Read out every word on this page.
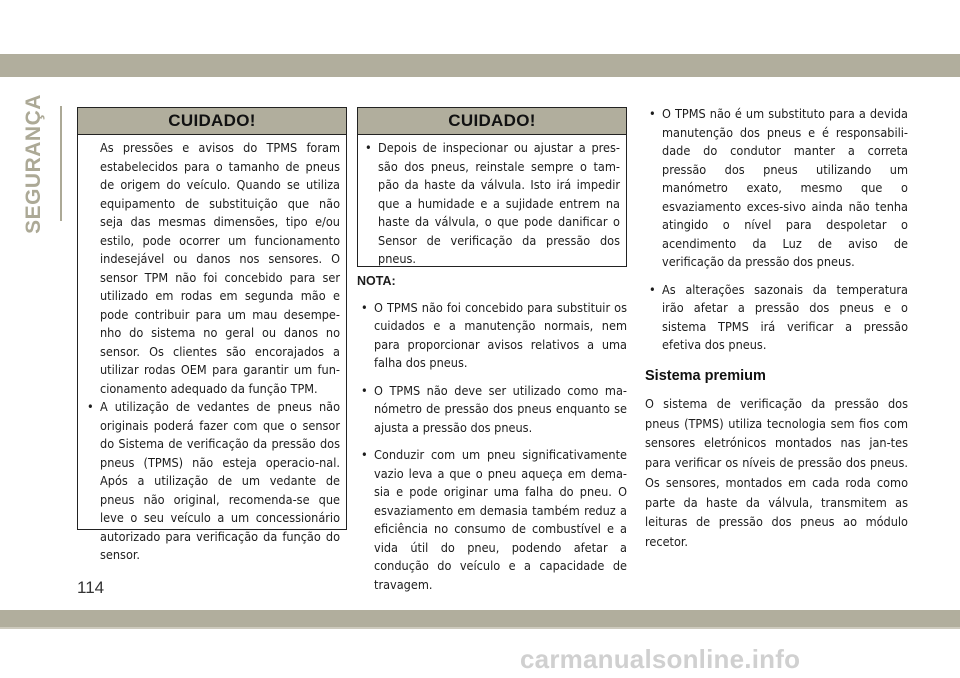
SEGURANÇA	CUIDADO!

As pressões e avisos do TPMS foram estabelecidos para o tamanho de pneus de origem do veículo. Quando se utiliza equipamento de substituição que não seja das mesmas dimensões, tipo e/ou estilo, pode ocorrer um funcionamento indesejável ou danos nos sensores. O sensor TPM não foi concebido para ser utilizado em rodas em segunda mão e pode contribuir para um mau desempe-nho do sistema no geral ou danos no sensor. Os clientes são encorajados a utilizar rodas OEM para garantir um fun-cionamento adequado da função TPM.

• A utilização de vedantes de pneus não originais poderá fazer com que o sensor do Sistema de verificação da pressão dos pneus (TPMS) não esteja operacio-nal. Após a utilização de um vedante de pneus não original, recomenda-se que leve o seu veículo a um concessionário autorizado para verificação da função do sensor.

CUIDADO!

• Depois de inspecionar ou ajustar a pres-são dos pneus, reinstale sempre o tam-pão da haste da válvula. Isto irá impedir que a humidade e a sujidade entrem na haste da válvula, o que pode danificar o Sensor de verificação da pressão dos pneus.

NOTA:

• O TPMS não foi concebido para substituir os cuidados e a manutenção normais, nem para proporcionar avisos relativos a uma falha dos pneus.

• O TPMS não deve ser utilizado como ma-nómetro de pressão dos pneus enquanto se ajusta a pressão dos pneus.

• Conduzir com um pneu significativamente vazio leva a que o pneu aqueça em dema-sia e pode originar uma falha do pneu. O esvaziamento em demasia também reduz a eficiência no consumo de combustível e a vida útil do pneu, podendo afetar a condução do veículo e a capacidade de travagem.

• O TPMS não é um substituto para a devida manutenção dos pneus e é responsabili-dade do condutor manter a correta pressão dos pneus utilizando um manómetro exato, mesmo que o esvaziamento exces-sivo ainda não tenha atingido o nível para despoletar o acendimento da Luz de aviso de verificação da pressão dos pneus.

• As alterações sazonais da temperatura irão afetar a pressão dos pneus e o sistema TPMS irá verificar a pressão efetiva dos pneus.

Sistema premium

O sistema de verificação da pressão dos pneus (TPMS) utiliza tecnologia sem fios com sensores eletrónicos montados nas jan-tes para verificar os níveis de pressão dos pneus. Os sensores, montados em cada roda como parte da haste da válvula, transmitem as leituras de pressão dos pneus ao módulo recetor.

114
carmanualsonline.info
